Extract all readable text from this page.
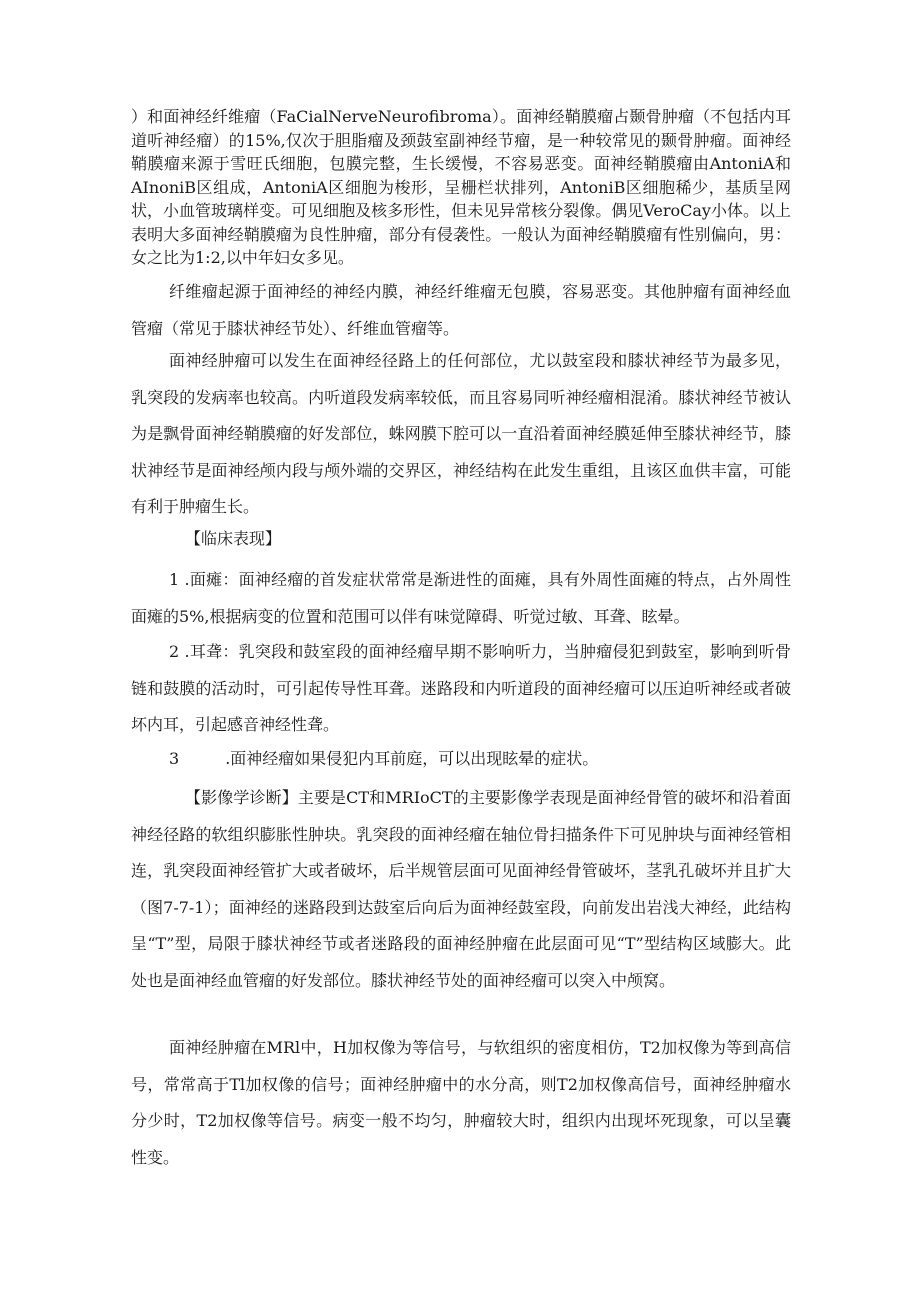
）和面神经纤维瘤（FaCialNerveNeurofibroma）。面神经鞘膜瘤占颞骨肿瘤（不包括内耳道听神经瘤）的15%,仅次于胆脂瘤及颈鼓室副神经节瘤，是一种较常见的颞骨肿瘤。面神经鞘膜瘤来源于雪旺氏细胞，包膜完整，生长缓慢，不容易恶变。面神经鞘膜瘤由AntoniA和AInoniB区组成，AntoniA区细胞为梭形，呈栅栏状排列，AntoniB区细胞稀少，基质呈网状，小血管玻璃样变。可见细胞及核多形性，但未见异常核分裂像。偶见VeroCay小体。以上表明大多面神经鞘膜瘤为良性肿瘤，部分有侵袭性。一般认为面神经鞘膜瘤有性别偏向，男：女之比为1:2,以中年妇女多见。

纤维瘤起源于面神经的神经内膜，神经纤维瘤无包膜，容易恶变。其他肿瘤有面神经血管瘤（常见于膝状神经节处）、纤维血管瘤等。

面神经肿瘤可以发生在面神经径路上的任何部位，尤以鼓室段和膝状神经节为最多见，乳突段的发病率也较高。内听道段发病率较低，而且容易同听神经瘤相混淆。膝状神经节被认为是飘骨面神经鞘膜瘤的好发部位，蛛网膜下腔可以一直沿着面神经膜延伸至膝状神经节，膝状神经节是面神经颅内段与颅外端的交界区，神经结构在此发生重组，且该区血供丰富，可能有利于肿瘤生长。

【临床表现】

1 .面瘫：面神经瘤的首发症状常常是渐进性的面瘫，具有外周性面瘫的特点，占外周性面瘫的5%,根据病变的位置和范围可以伴有味觉障碍、听觉过敏、耳聋、眩晕。

2 .耳聋：乳突段和鼓室段的面神经瘤早期不影响听力，当肿瘤侵犯到鼓室，影响到听骨链和鼓膜的活动时，可引起传导性耳聋。迷路段和内听道段的面神经瘤可以压迫听神经或者破坏内耳，引起感音神经性聋。

3	.面神经瘤如果侵犯内耳前庭，可以出现眩晕的症状。

【影像学诊断】主要是CT和MRIoCT的主要影像学表现是面神经骨管的破坏和沿着面神经径路的软组织膨胀性肿块。乳突段的面神经瘤在轴位骨扫描条件下可见肿块与面神经管相连，乳突段面神经管扩大或者破坏，后半规管层面可见面神经骨管破坏，茎乳孔破坏并且扩大（图7-7-1）；面神经的迷路段到达鼓室后向后为面神经鼓室段，向前发出岩浅大神经，此结构呈“T”型，局限于膝状神经节或者迷路段的面神经肿瘤在此层面可见“T”型结构区域膨大。此处也是面神经血管瘤的好发部位。膝状神经节处的面神经瘤可以突入中颅窝。

面神经肿瘤在MRl中，H加权像为等信号，与软组织的密度相仿，T2加权像为等到高信号，常常高于Tl加权像的信号；面神经肿瘤中的水分高，则T2加权像高信号，面神经肿瘤水分少时，T2加权像等信号。病变一般不均匀，肿瘤较大时，组织内出现坏死现象，可以呈囊性变。
